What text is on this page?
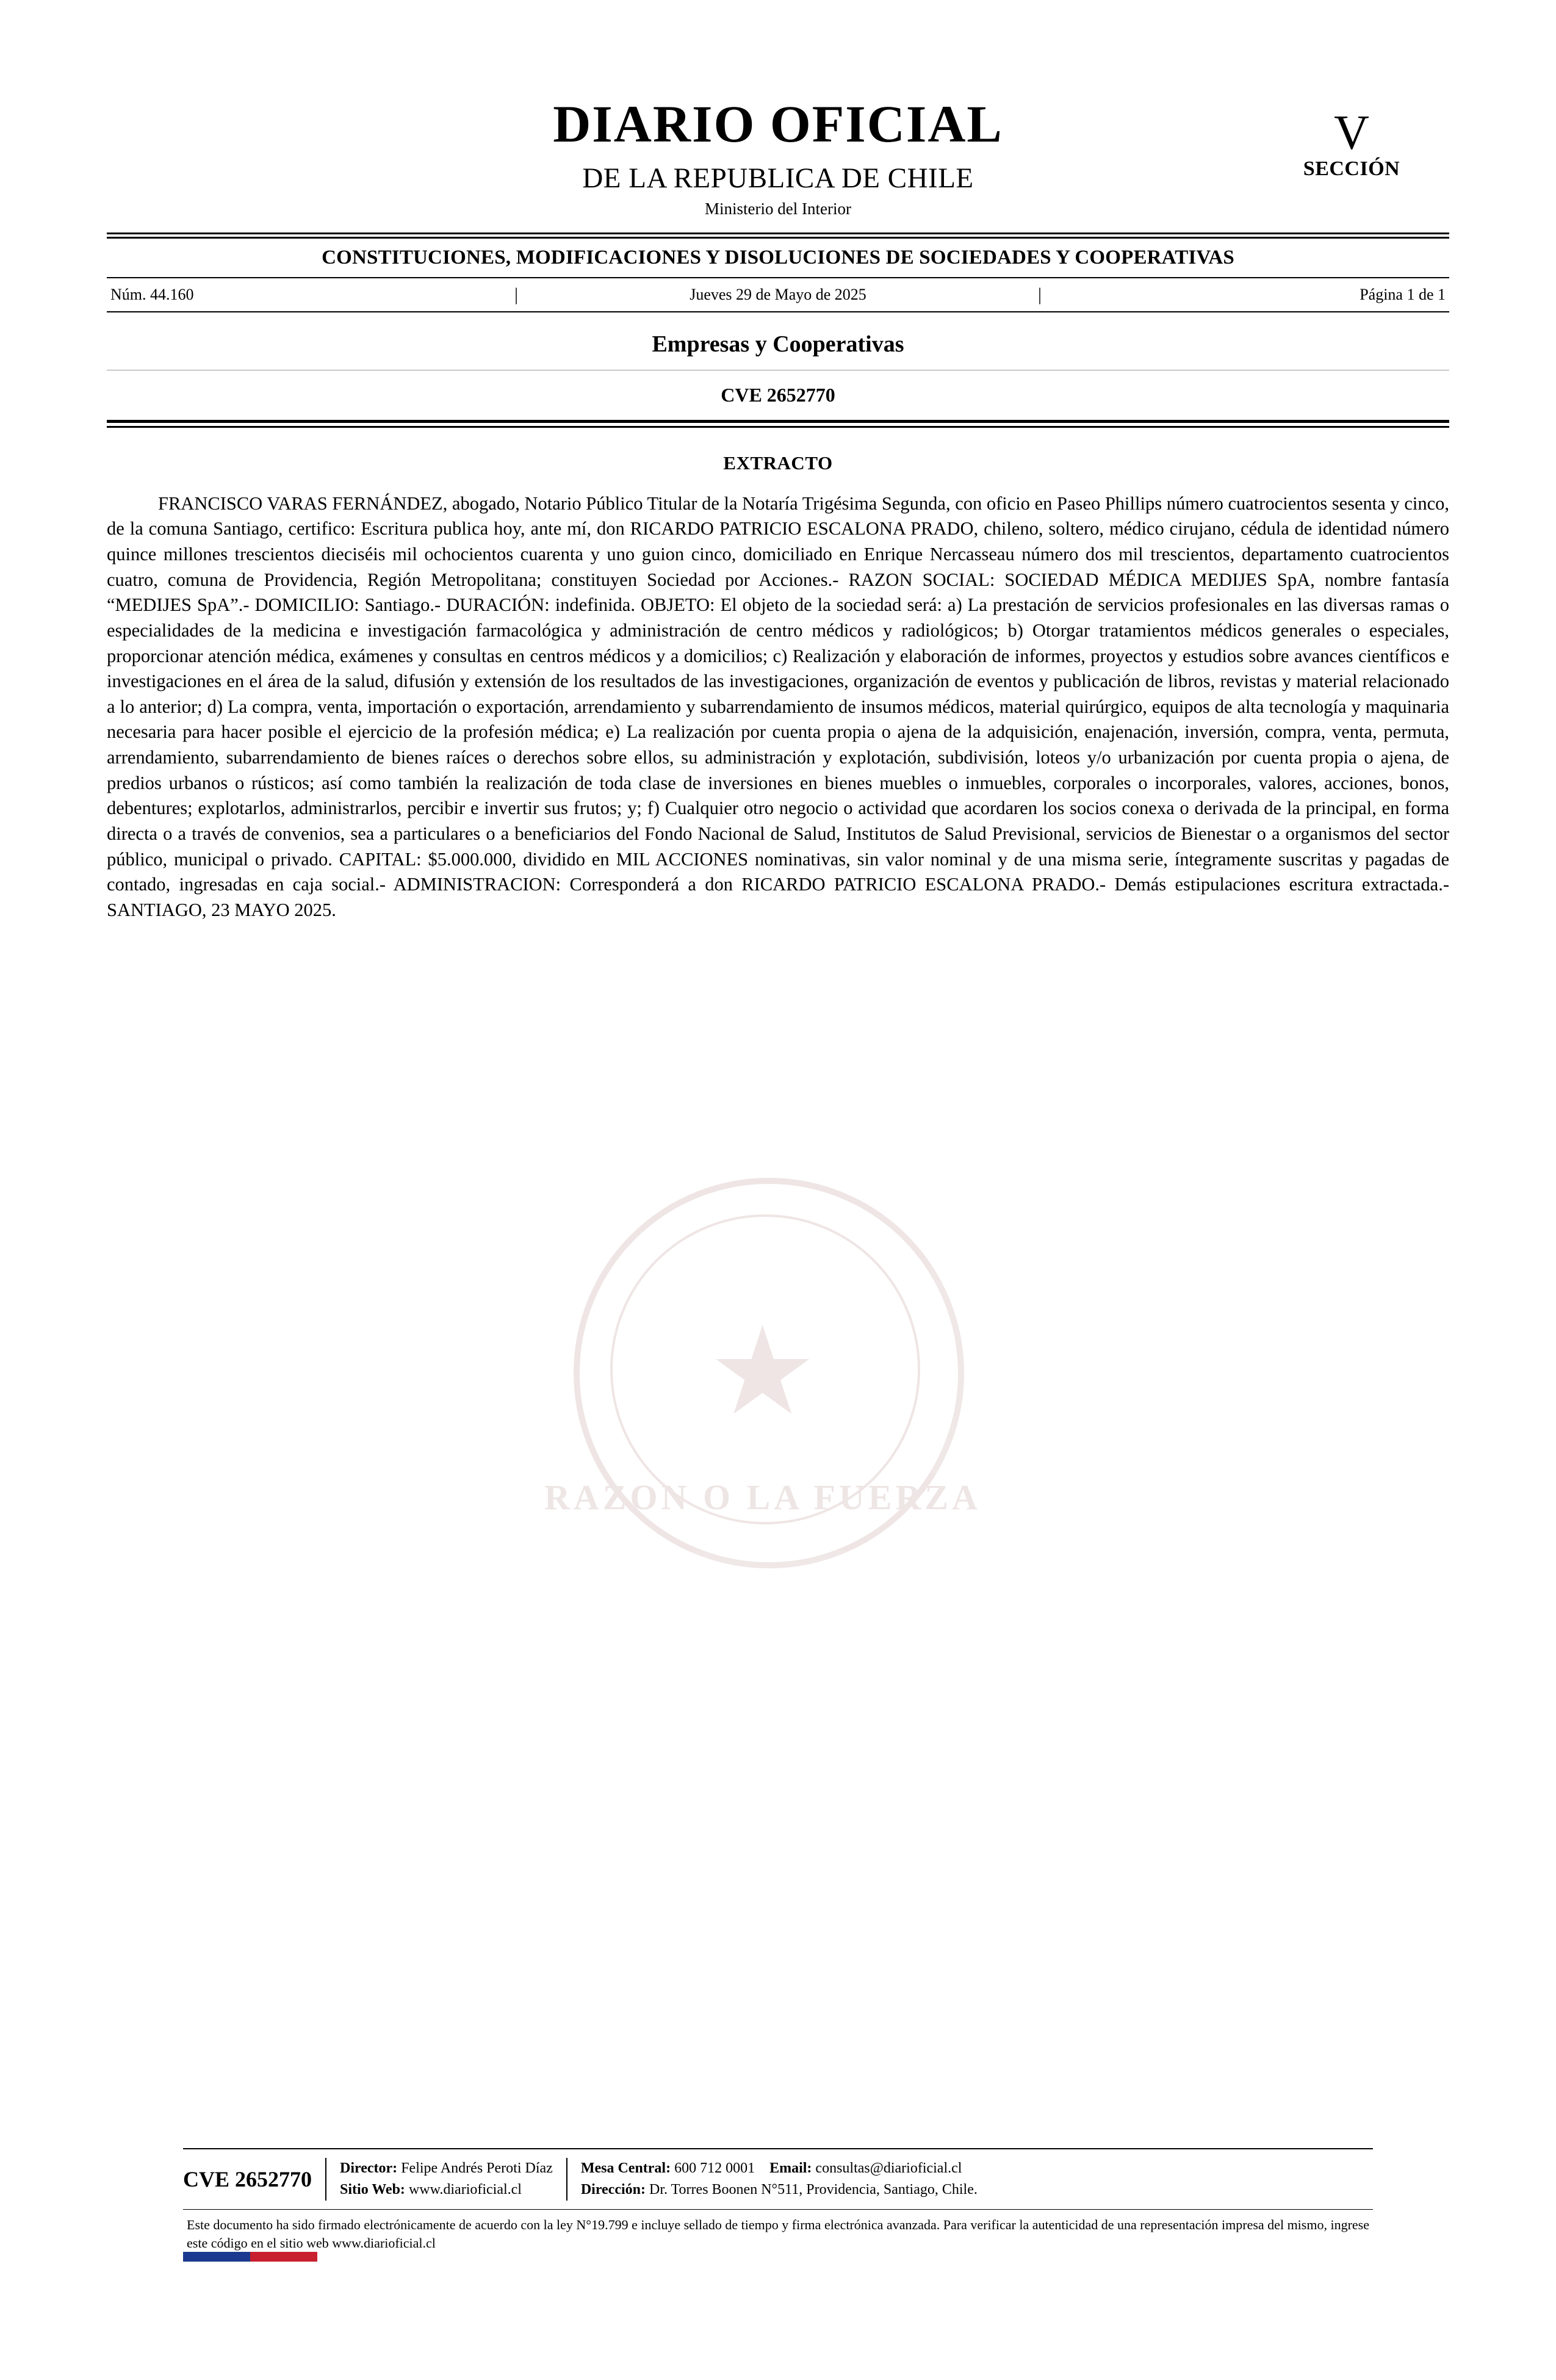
★
RAZON O LA FUERZA
DIARIO OFICIAL
DE LA REPUBLICA DE CHILE
Ministerio del Interior
V
SECCIÓN
CONSTITUCIONES, MODIFICACIONES Y DISOLUCIONES DE SOCIEDADES Y COOPERATIVAS
Núm. 44.160	|	Jueves 29 de Mayo de 2025	|	Página 1 de 1
Empresas y Cooperativas
CVE 2652770
EXTRACTO
FRANCISCO VARAS FERNÁNDEZ, abogado, Notario Público Titular de la Notaría Trigésima Segunda, con oficio en Paseo Phillips número cuatrocientos sesenta y cinco, de la comuna Santiago, certifico: Escritura publica hoy, ante mí, don RICARDO PATRICIO ESCALONA PRADO, chileno, soltero, médico cirujano, cédula de identidad número quince millones trescientos dieciséis mil ochocientos cuarenta y uno guion cinco, domiciliado en Enrique Nercasseau número dos mil trescientos, departamento cuatrocientos cuatro, comuna de Providencia, Región Metropolitana; constituyen Sociedad por Acciones.- RAZON SOCIAL: SOCIEDAD MÉDICA MEDIJES SpA, nombre fantasía “MEDIJES SpA”.- DOMICILIO: Santiago.- DURACIÓN: indefinida. OBJETO: El objeto de la sociedad será: a) La prestación de servicios profesionales en las diversas ramas o especialidades de la medicina e investigación farmacológica y administración de centro médicos y radiológicos; b) Otorgar tratamientos médicos generales o especiales, proporcionar atención médica, exámenes y consultas en centros médicos y a domicilios; c) Realización y elaboración de informes, proyectos y estudios sobre avances científicos e investigaciones en el área de la salud, difusión y extensión de los resultados de las investigaciones, organización de eventos y publicación de libros, revistas y material relacionado a lo anterior; d) La compra, venta, importación o exportación, arrendamiento y subarrendamiento de insumos médicos, material quirúrgico, equipos de alta tecnología y maquinaria necesaria para hacer posible el ejercicio de la profesión médica; e) La realización por cuenta propia o ajena de la adquisición, enajenación, inversión, compra, venta, permuta, arrendamiento, subarrendamiento de bienes raíces o derechos sobre ellos, su administración y explotación, subdivisión, loteos y/o urbanización por cuenta propia o ajena, de predios urbanos o rústicos; así como también la realización de toda clase de inversiones en bienes muebles o inmuebles, corporales o incorporales, valores, acciones, bonos, debentures; explotarlos, administrarlos, percibir e invertir sus frutos; y; f) Cualquier otro negocio o actividad que acordaren los socios conexa o derivada de la principal, en forma directa o a través de convenios, sea a particulares o a beneficiarios del Fondo Nacional de Salud, Institutos de Salud Previsional, servicios de Bienestar o a organismos del sector público, municipal o privado. CAPITAL: $5.000.000, dividido en MIL ACCIONES nominativas, sin valor nominal y de una misma serie, íntegramente suscritas y pagadas de contado, ingresadas en caja social.- ADMINISTRACION: Corresponderá a don RICARDO PATRICIO ESCALONA PRADO.- Demás estipulaciones escritura extractada.- SANTIAGO, 23 MAYO 2025.
CVE 2652770	Director: Felipe Andrés Peroti Díaz
Sitio Web: www.diarioficial.cl
Mesa Central: 600 712 0001 Email: consultas@diarioficial.cl
Dirección: Dr. Torres Boonen N°511, Providencia, Santiago, Chile.
Este documento ha sido firmado electrónicamente de acuerdo con la ley N°19.799 e incluye sellado de tiempo y firma electrónica avanzada. Para verificar la autenticidad de una representación impresa del mismo, ingrese este código en el sitio web www.diarioficial.cl
